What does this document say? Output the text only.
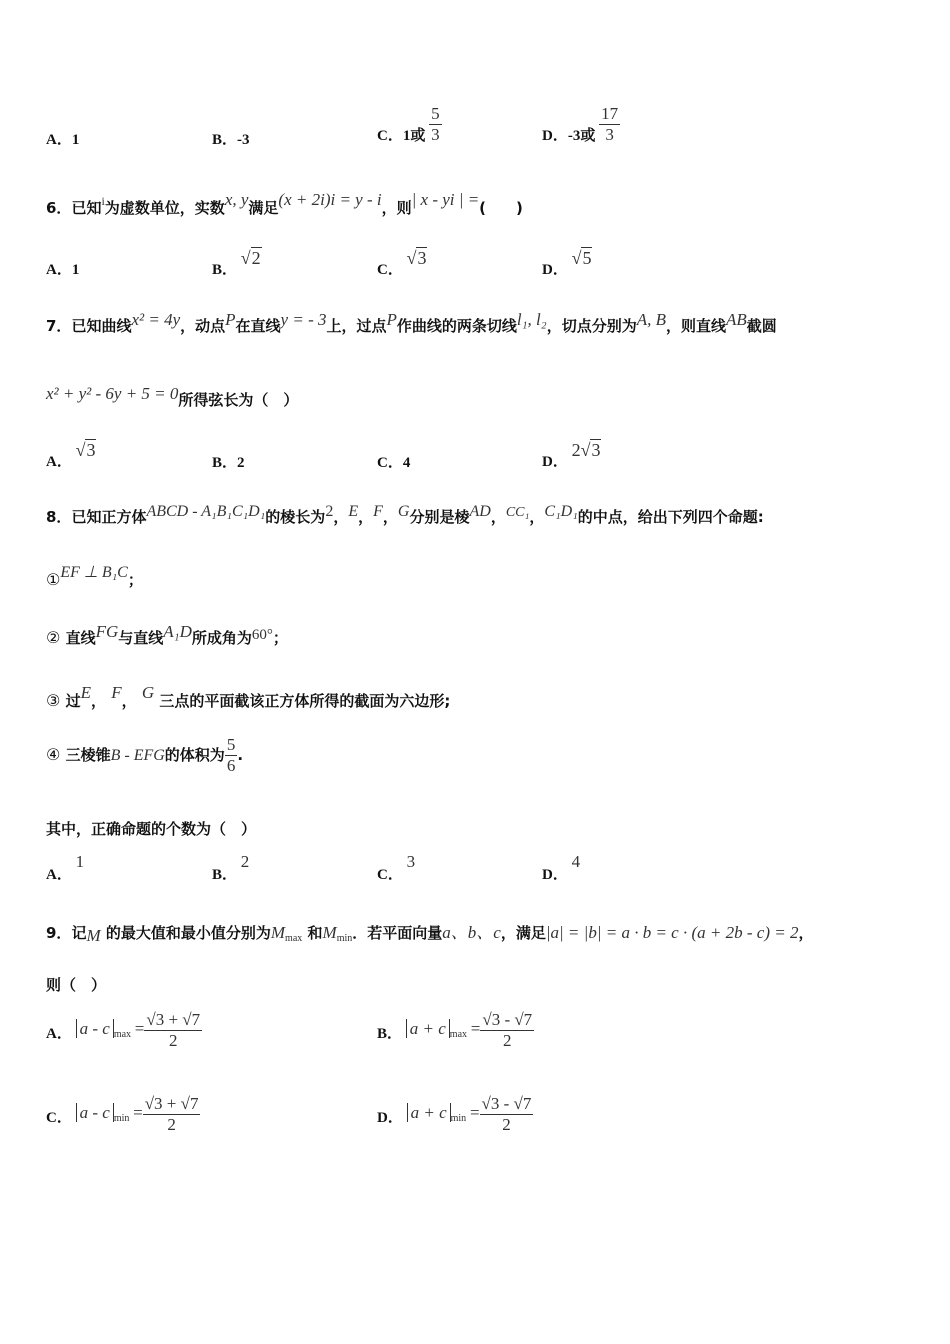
A．1	B．-3	C．1或 $\frac{5}{3}$	D．-3或 $\frac{17}{3}$
6．已知$^i$为虚数单位，实数x, y满足(x + 2i)i = y - i，则| x - yi | =(　　)
A．1	B． √2
C． √3
D． √5
7．已知曲线x² = 4y，动点P在直线y = - 3上，过点P作曲线的两条切线l₁, l₂，切点分别为A, B，则直线AB截圆
x² + y² - 6y + 5 = 0所得弦长为（　）
A． √3
B．2	C．4	D． 2√3
8．已知正方体ABCD - A₁B₁C₁D₁的棱长为2，E，F，G分别是棱AD，CC₁，C₁D₁的中点，给出下列四个命题:
①EF ⊥ B₁C；
② 直线FG与直线A₁D所成角为60°；
③ 过E， F， G 三点的平面截该正方体所得的截面为六边形;
④ 三棱锥B - EFG的体积为 $\frac{5}{6}$ .
其中，正确命题的个数为（　）
A． 1
B． 2
C． 3
D． 4
9．记M 的最大值和最小值分别为$M_{max}$ 和$M_{min}$．若平面向量a、b、c，满足|a| = |b| = a · b = c · (a + 2b - c) = 2，
则（　）
A． a - c $_{max} = \frac{√3 + √7}{2}$	B． a + c $_{max} = \frac{√3 - √7}{2}$
C． a - c $_{min} = \frac{√3 + √7}{2}$	D． a + c $_{min} = \frac{√3 - √7}{2}$
